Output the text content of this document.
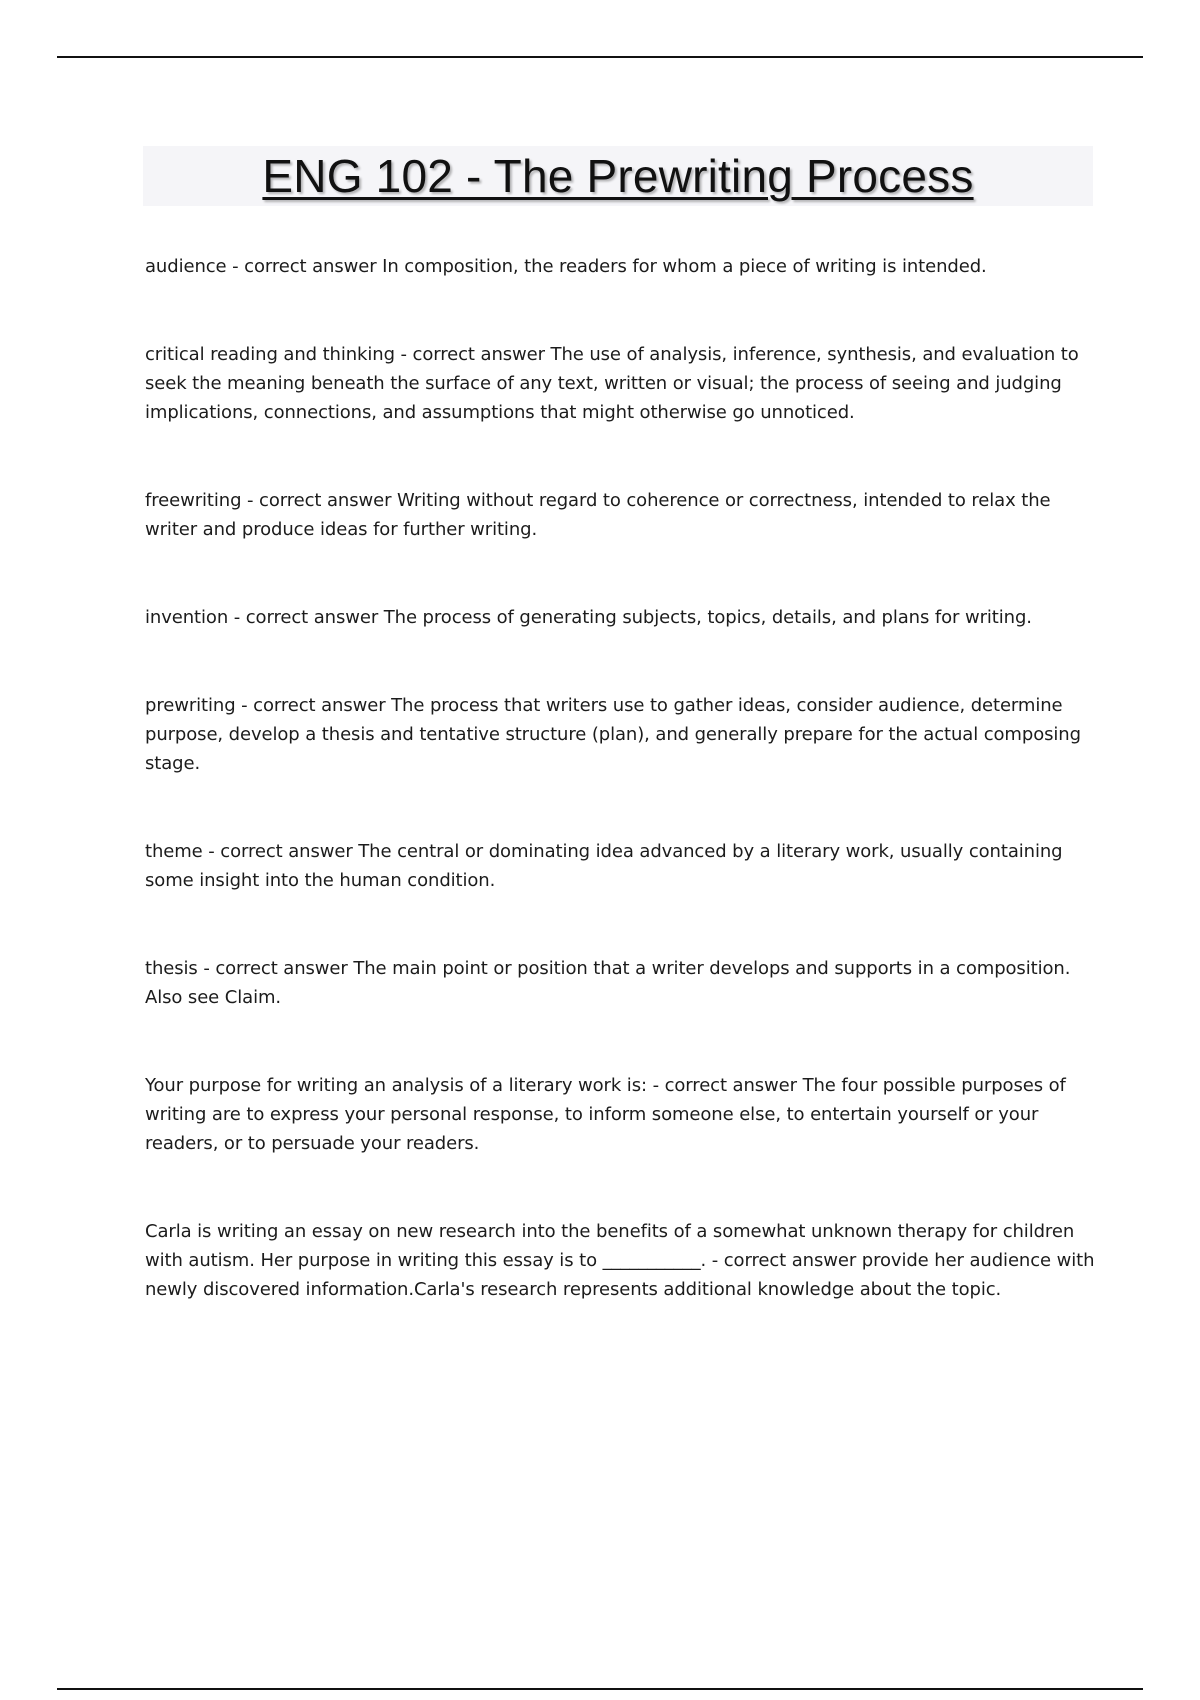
ENG 102 - The Prewriting Process

audience - correct answer In composition, the readers for whom a piece of writing is intended.

critical reading and thinking - correct answer The use of analysis, inference, synthesis, and evaluation to seek the meaning beneath the surface of any text, written or visual; the process of seeing and judging implications, connections, and assumptions that might otherwise go unnoticed.

freewriting - correct answer Writing without regard to coherence or correctness, intended to relax the writer and produce ideas for further writing.

invention - correct answer The process of generating subjects, topics, details, and plans for writing.

prewriting - correct answer The process that writers use to gather ideas, consider audience, determine purpose, develop a thesis and tentative structure (plan), and generally prepare for the actual composing stage.

theme - correct answer The central or dominating idea advanced by a literary work, usually containing some insight into the human condition.

thesis - correct answer The main point or position that a writer develops and supports in a composition. Also see Claim.

Your purpose for writing an analysis of a literary work is: - correct answer The four possible purposes of writing are to express your personal response, to inform someone else, to entertain yourself or your readers, or to persuade your readers.

Carla is writing an essay on new research into the benefits of a somewhat unknown therapy for children with autism. Her purpose in writing this essay is to ___________. - correct answer provide her audience with newly discovered information.Carla's research represents additional knowledge about the topic.
